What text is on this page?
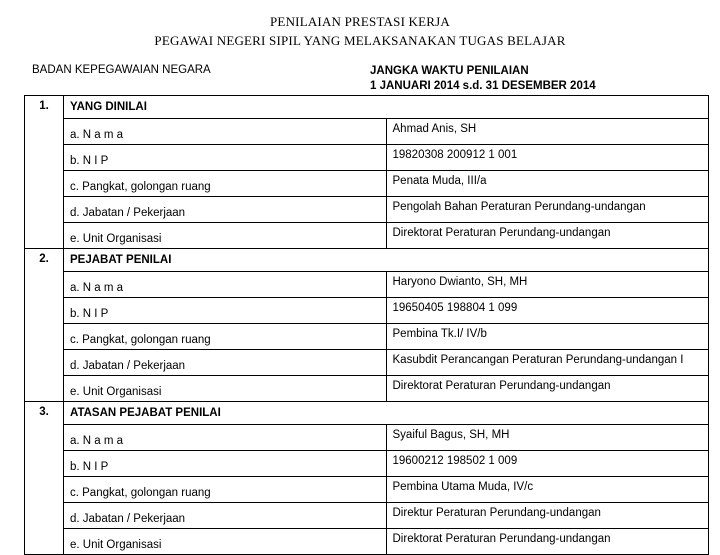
PENILAIAN PRESTASI KERJA
PEGAWAI NEGERI SIPIL YANG MELAKSANAKAN TUGAS BELAJAR
BADAN KEPEGAWAIAN NEGARA	JANGKA WAKTU PENILAIAN
1 JANUARI 2014 s.d. 31 DESEMBER 2014
1.	YANG DINILAI	
	a. N a m a	Ahmad Anis, SH
	b. N I P	19820308 200912 1 001
	c. Pangkat, golongan ruang	Penata Muda, III/a
	d. Jabatan / Pekerjaan	Pengolah Bahan Peraturan Perundang-undangan
	e. Unit Organisasi	Direktorat Peraturan Perundang-undangan
2.	PEJABAT PENILAI	
	a. N a m a	Haryono Dwianto, SH, MH
	b. N I P	19650405 198804 1 099
	c. Pangkat, golongan ruang	Pembina Tk.I/ IV/b
	d. Jabatan / Pekerjaan	Kasubdit Perancangan Peraturan Perundang-undangan I
	e. Unit Organisasi	Direktorat Peraturan Perundang-undangan
3.	ATASAN PEJABAT PENILAI	
	a. N a m a	Syaiful Bagus, SH, MH
	b. N I P	19600212 198502 1 009
	c. Pangkat, golongan ruang	Pembina Utama Muda, IV/c
	d. Jabatan / Pekerjaan	Direktur Peraturan Perundang-undangan
	e. Unit Organisasi	Direktorat Peraturan Perundang-undangan
